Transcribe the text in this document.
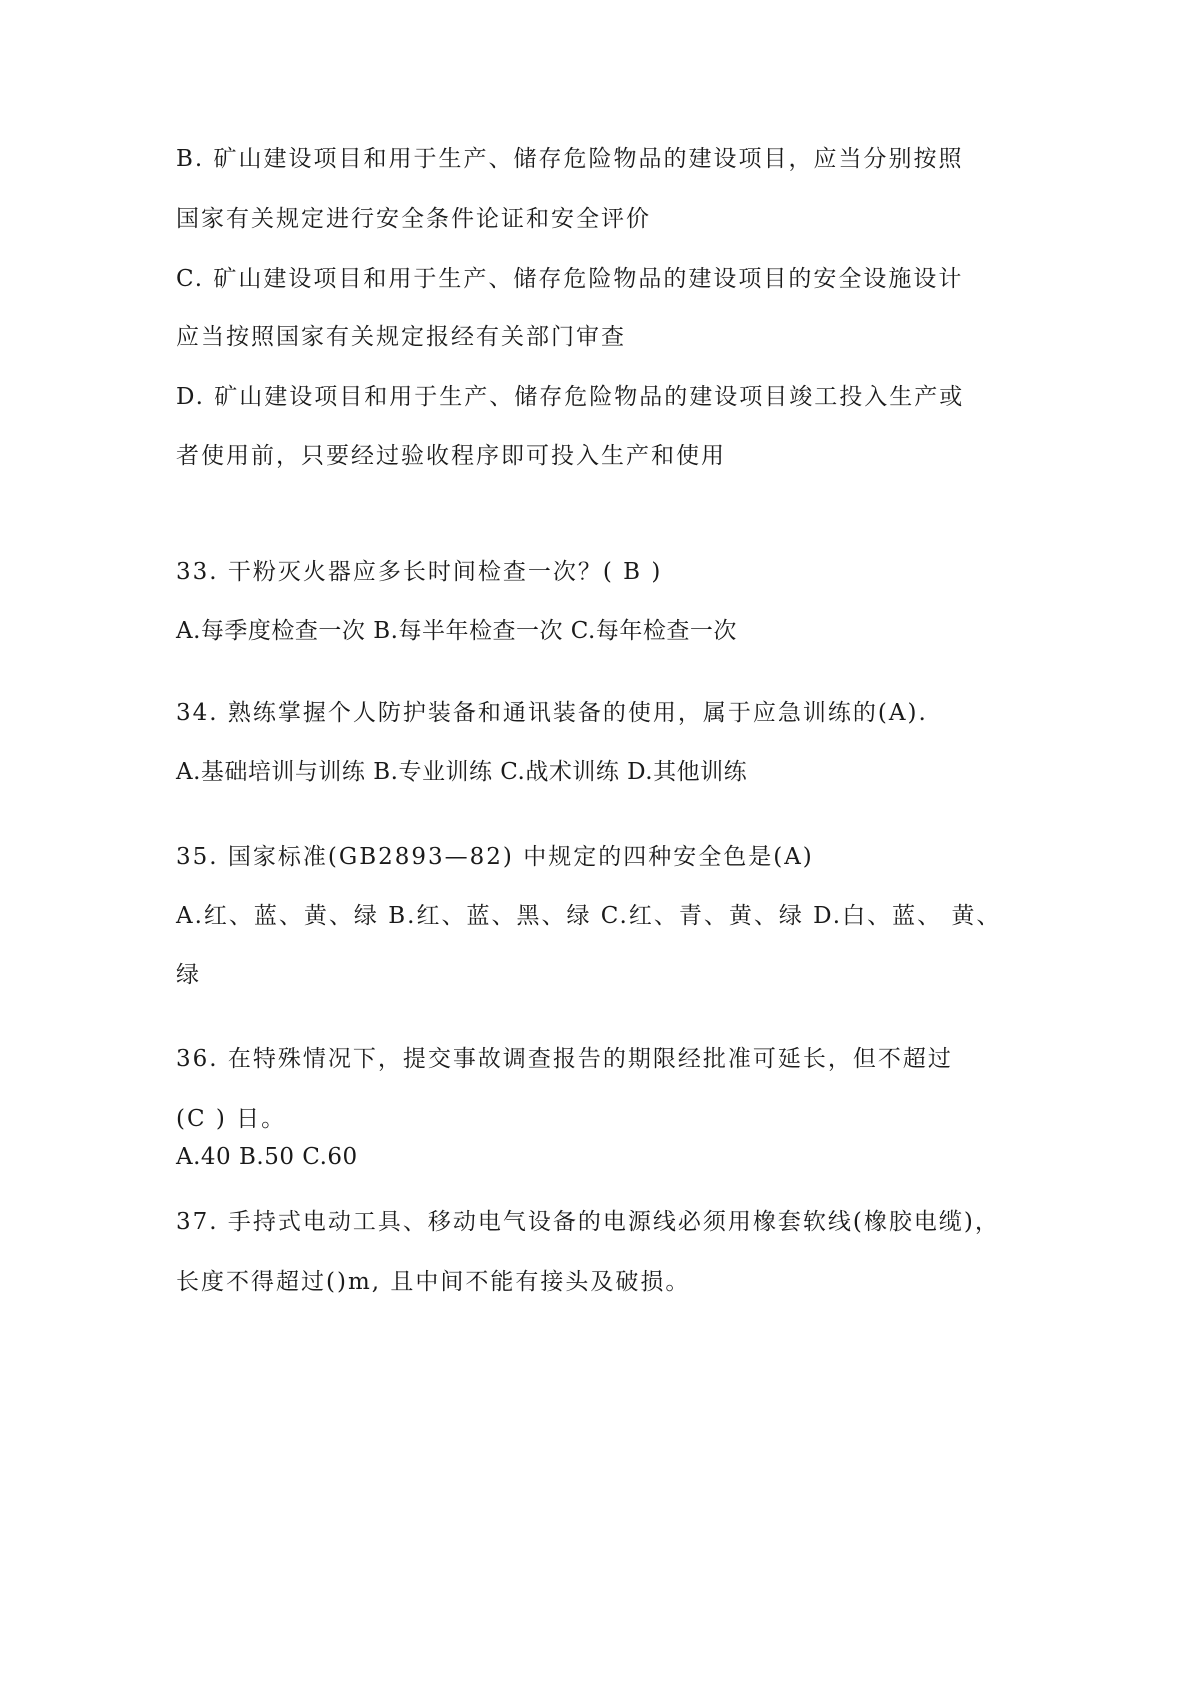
B. 矿山建设项目和用于生产、储存危险物品的建设项目，应当分别按照
国家有关规定进行安全条件论证和安全评价
C. 矿山建设项目和用于生产、储存危险物品的建设项目的安全设施设计
应当按照国家有关规定报经有关部门审查
D. 矿山建设项目和用于生产、储存危险物品的建设项目竣工投入生产或
者使用前，只要经过验收程序即可投入生产和使用
33. 干粉灭火器应多长时间检查一次？( B )
A.每季度检查一次 B.每半年检查一次 C.每年检查一次
34. 熟练掌握个人防护装备和通讯装备的使用，属于应急训练的(A).
A.基础培训与训练 B.专业训练 C.战术训练 D.其他训练
35. 国家标准(GB2893—82) 中规定的四种安全色是(A)
A.红、蓝、黄、绿 B.红、蓝、黑、绿 C.红、青、黄、绿 D.白、蓝、 黄、
绿
36. 在特殊情况下，提交事故调查报告的期限经批准可延长，但不超过
(C ) 日。
A.40 B.50 C.60
37. 手持式电动工具、移动电气设备的电源线必须用橡套软线(橡胶电缆)，
长度不得超过()m, 且中间不能有接头及破损。
